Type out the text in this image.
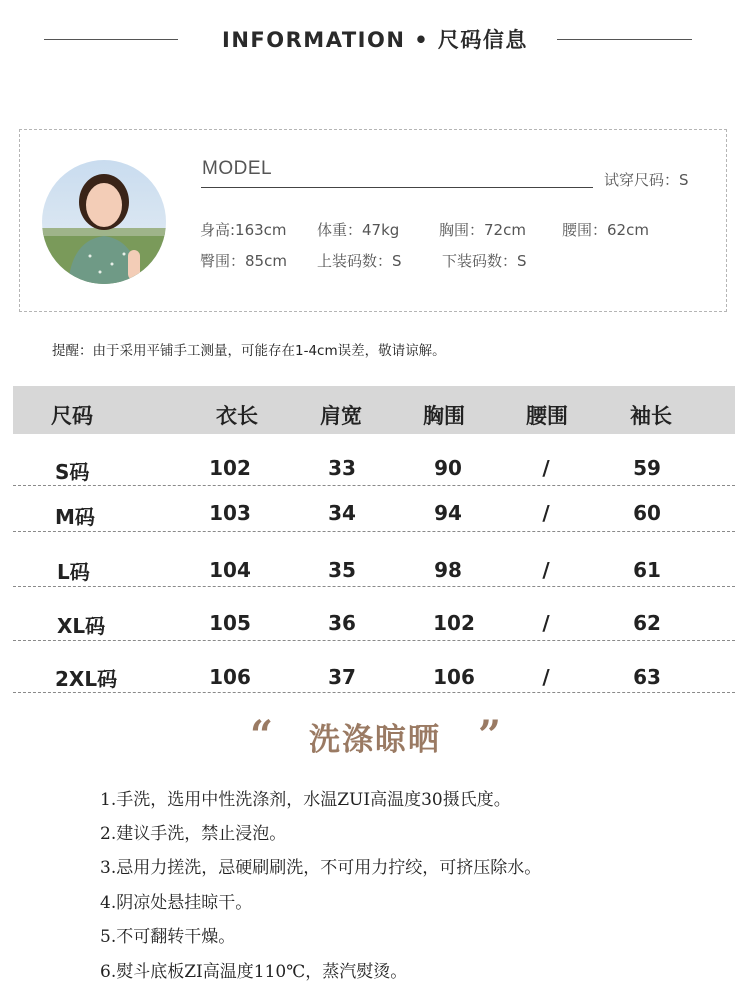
INFORMATION • 尺码信息
MODEL
试穿尺码：S
身高:163cm 体重：47kg	胸围：72cm 腰围：62cm
臀围：85cm 上装码数：S	下装码数：S
提醒：由于采用平铺手工测量，可能存在1-4cm误差，敬请谅解。
尺码	衣长	肩宽	胸围	腰围	袖长
S码	102	33	90	/	59
M码	103	34	94	/	60
L码	104	35	98	/	61
XL码	105	36	102	/	62
2XL码	106	37	106	/	63
“	洗涤晾晒 ”
1.手洗，选用中性洗涤剂，水温ZUI高温度30摄氏度。
2.建议手洗，禁止浸泡。
3.忌用力搓洗，忌硬刷刷洗，不可用力拧绞，可挤压除水。
4.阴凉处悬挂晾干。
5.不可翻转干燥。
6.熨斗底板ZI高温度110℃，蒸汽熨烫。
